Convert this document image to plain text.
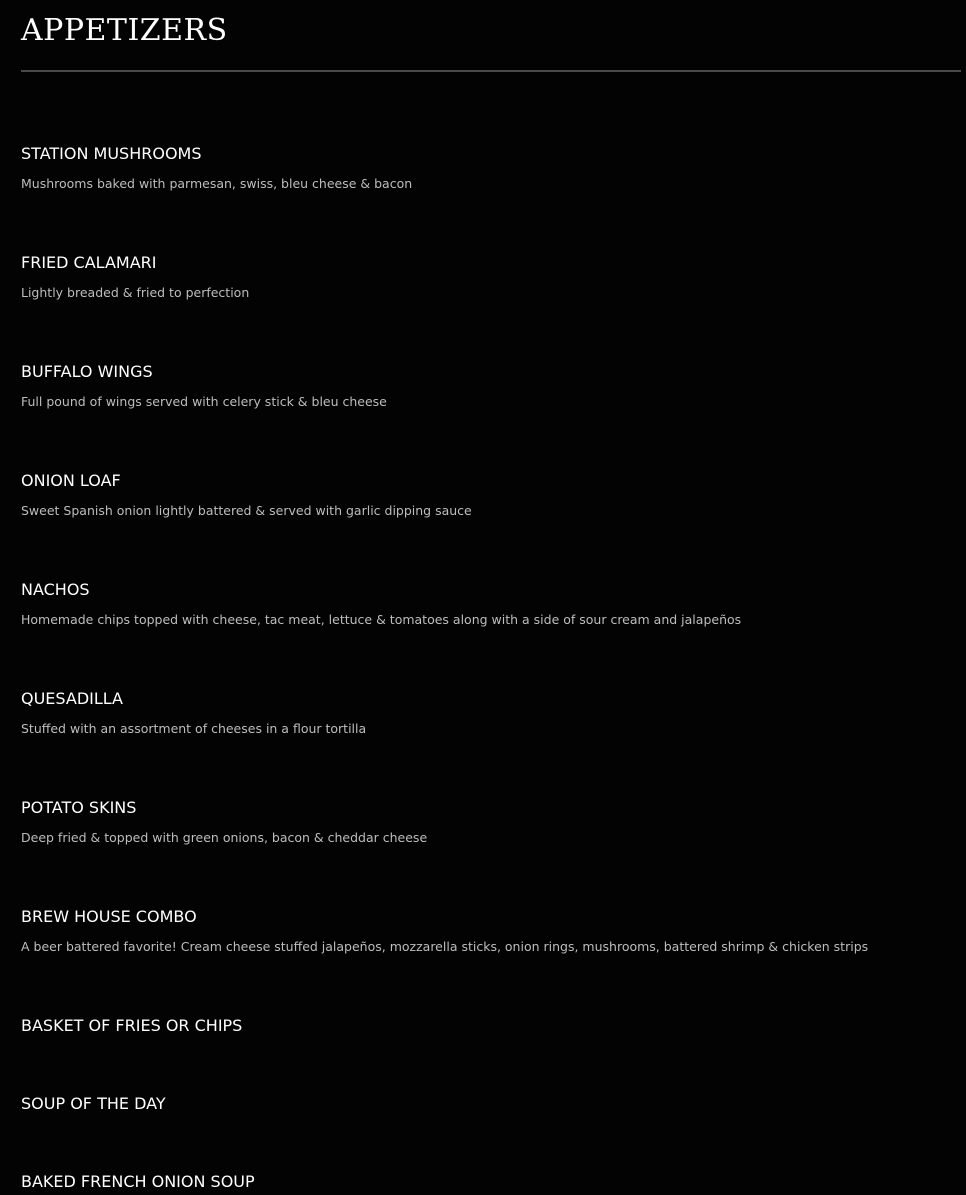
APPETIZERS
STATION MUSHROOMS
Mushrooms baked with parmesan, swiss, bleu cheese & bacon
FRIED CALAMARI
Lightly breaded & fried to perfection
BUFFALO WINGS
Full pound of wings served with celery stick & bleu cheese
ONION LOAF
Sweet Spanish onion lightly battered & served with garlic dipping sauce
NACHOS
Homemade chips topped with cheese, tac meat, lettuce & tomatoes along with a side of sour cream and jalapeños
QUESADILLA
Stuffed with an assortment of cheeses in a flour tortilla
POTATO SKINS
Deep fried & topped with green onions, bacon & cheddar cheese
BREW HOUSE COMBO
A beer battered favorite! Cream cheese stuffed jalapeños, mozzarella sticks, onion rings, mushrooms, battered shrimp & chicken strips
BASKET OF FRIES OR CHIPS
SOUP OF THE DAY
BAKED FRENCH ONION SOUP
